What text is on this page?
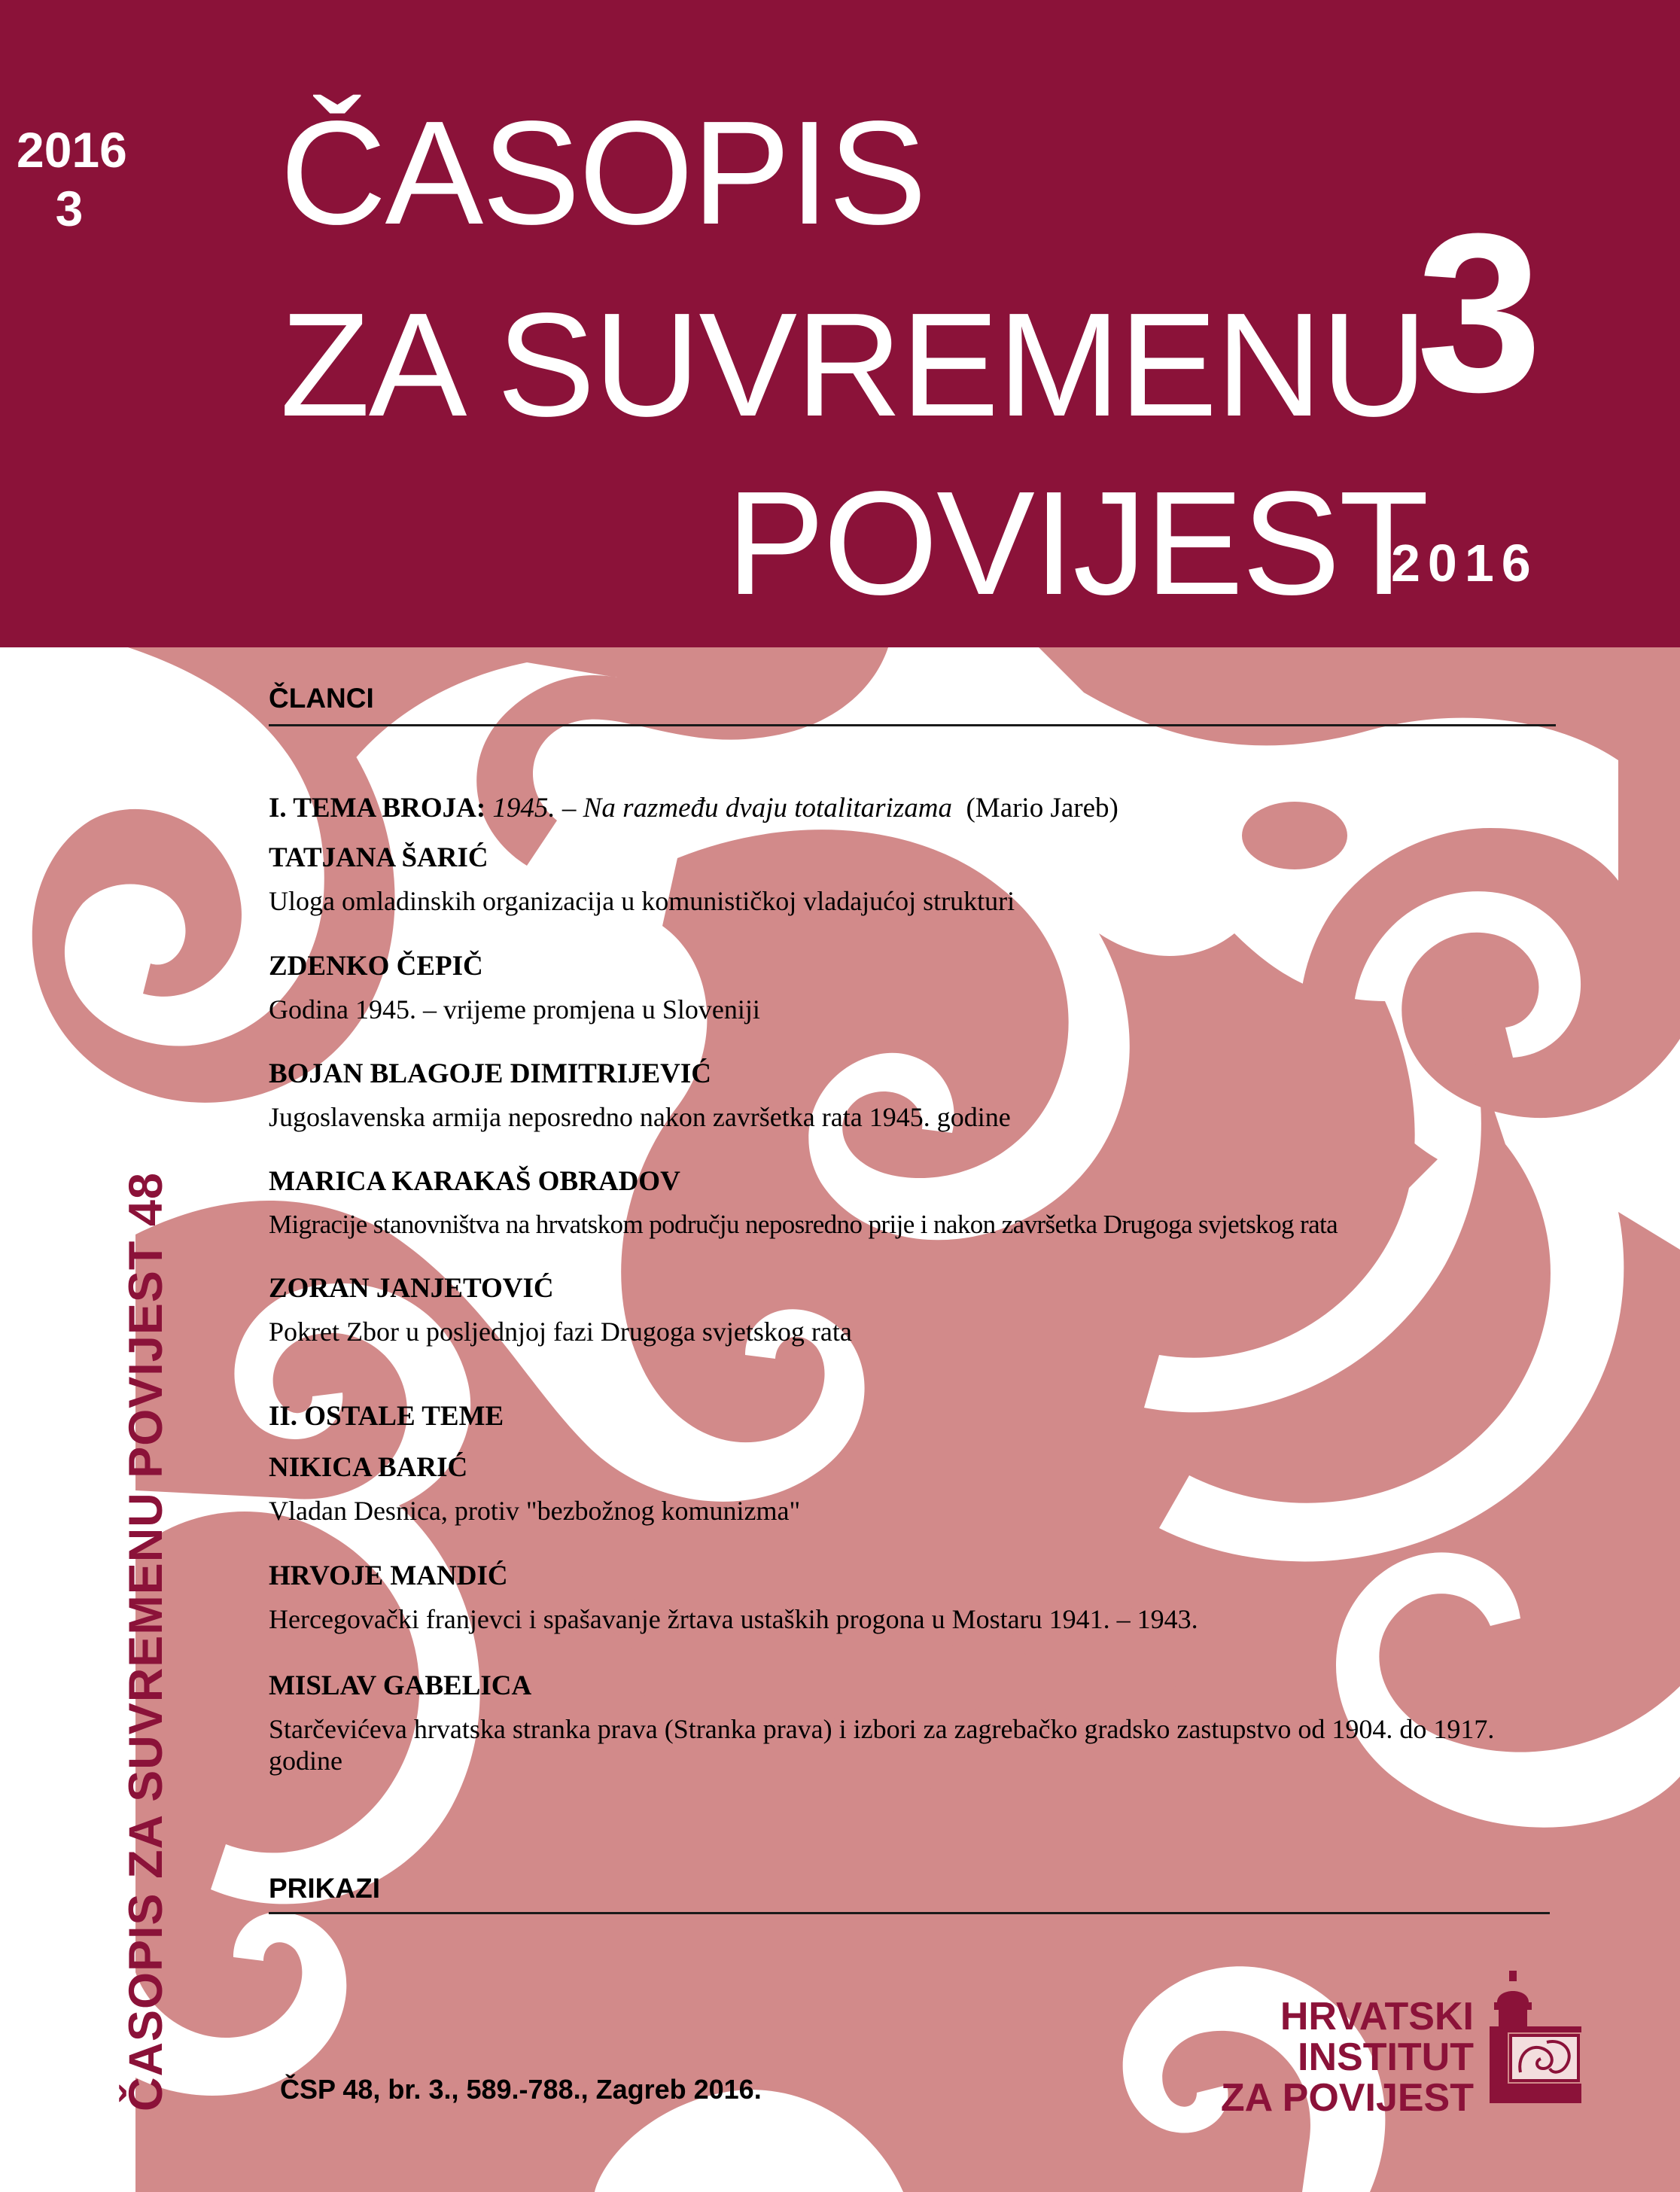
2016
3 ČASOPIS
ZA SUVREMENU
POVIJEST
3
2016
ČASOPIS ZA SUVREMENU POVIJEST 48
ČLANCI
I. TEMA BROJA: 1945. – Na razmeđu dvaju totalitarizama (Mario Jareb)
TATJANA ŠARIĆ
Uloga omladinskih organizacija u komunističkoj vladajućoj strukturi
ZDENKO ČEPIČ
Godina 1945. – vrijeme promjena u Sloveniji
BOJAN BLAGOJE DIMITRIJEVIĆ
Jugoslavenska armija neposredno nakon završetka rata 1945. godine
MARICA KARAKAŠ OBRADOV
Migracije stanovništva na hrvatskom području neposredno prije i nakon završetka Drugoga svjetskog rata
ZORAN JANJETOVIĆ
Pokret Zbor u posljednjoj fazi Drugoga svjetskog rata
II. OSTALE TEME
NIKICA BARIĆ
Vladan Desnica, protiv "bezbožnog komunizma"
HRVOJE MANDIĆ
Hercegovački franjevci i spašavanje žrtava ustaških progona u Mostaru 1941. – 1943.
MISLAV GABELICA
Starčevićeva hrvatska stranka prava (Stranka prava) i izbori za zagrebačko gradsko zastupstvo od 1904. do 1917. godine
PRIKAZI
ČSP 48, br. 3., 589.-788., Zagreb 2016.
HRVATSKI
INSTITUT
ZA POVIJEST
